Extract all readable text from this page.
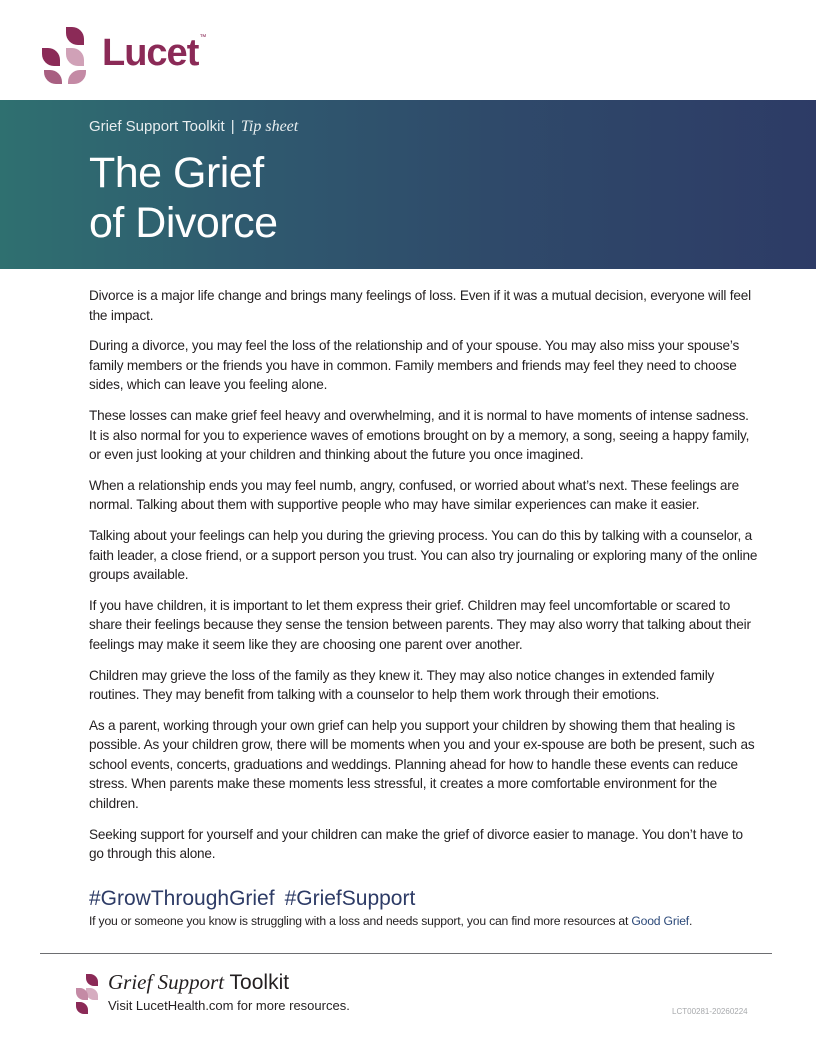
Lucet™
Grief Support Toolkit | Tip sheet
The Grief
of Divorce

Divorce is a major life change and brings many feelings of loss. Even if it was a mutual decision, everyone will feel the impact.

During a divorce, you may feel the loss of the relationship and of your spouse. You may also miss your spouse’s family members or the friends you have in common. Family members and friends may feel they need to choose sides, which can leave you feeling alone.

These losses can make grief feel heavy and overwhelming, and it is normal to have moments of intense sadness. It is also normal for you to experience waves of emotions brought on by a memory, a song, seeing a happy family, or even just looking at your children and thinking about the future you once imagined.

When a relationship ends you may feel numb, angry, confused, or worried about what’s next. These feelings are normal. Talking about them with supportive people who may have similar experiences can make it easier.

Talking about your feelings can help you during the grieving process. You can do this by talking with a counselor, a faith leader, a close friend, or a support person you trust. You can also try journaling or exploring many of the online groups available.

If you have children, it is important to let them express their grief. Children may feel uncomfortable or scared to share their feelings because they sense the tension between parents. They may also worry that talking about their feelings may make it seem like they are choosing one parent over another.

Children may grieve the loss of the family as they knew it. They may also notice changes in extended family routines. They may benefit from talking with a counselor to help them work through their emotions.

As a parent, working through your own grief can help you support your children by showing them that healing is possible. As your children grow, there will be moments when you and your ex-spouse are both be present, such as school events, concerts, graduations and weddings. Planning ahead for how to handle these events can reduce stress. When parents make these moments less stressful, it creates a more comfortable environment for the children.

Seeking support for yourself and your children can make the grief of divorce easier to manage. You don’t have to go through this alone.

#GrowThroughGrief #GriefSupport
If you or someone you know is struggling with a loss and needs support, you can find more resources at Good Grief.
Grief Support Toolkit
Visit LucetHealth.com for more resources.	LCT00281-20260224
